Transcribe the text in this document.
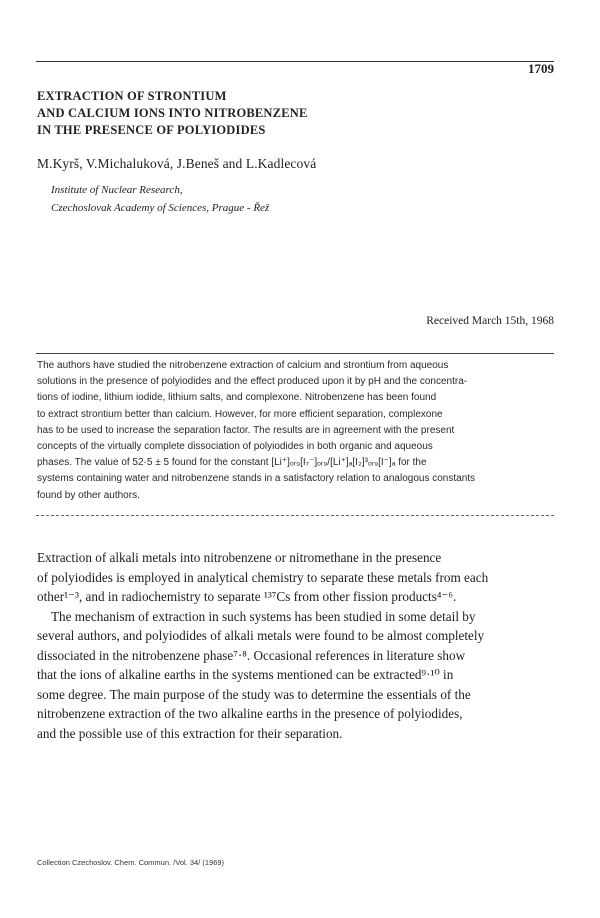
1709
EXTRACTION OF STRONTIUM
AND CALCIUM IONS INTO NITROBENZENE
IN THE PRESENCE OF POLYIODIDES
M.Kyrš, V.Michaluková, J.Beneš and L.Kadlecová
Institute of Nuclear Research,
Czechoslovak Academy of Sciences, Prague - Řež
Received March 15th, 1968
The authors have studied the nitrobenzene extraction of calcium and strontium from aqueous
solutions in the presence of polyiodides and the effect produced upon it by pH and the concentra-
tions of iodine, lithium iodide, lithium salts, and complexone. Nitrobenzene has been found
to extract strontium better than calcium. However, for more efficient separation, complexone
has to be used to increase the separation factor. The results are in agreement with the present
concepts of the virtually complete dissociation of polyiodides in both organic and aqueous
phases. The value of 52·5 ± 5 found for the constant [Li⁺]ₒᵣ₉[I₇⁻]ₒᵣ₉/[Li⁺]ₐ[I₂]³ₒᵣ₉[I⁻]ₐ for the
systems containing water and nitrobenzene stands in a satisfactory relation to analogous constants
found by other authors.
Extraction of alkali metals into nitrobenzene or nitromethane in the presence
of polyiodides is employed in analytical chemistry to separate these metals from each
other¹⁻³, and in radiochemistry to separate ¹³⁷Cs from other fission products⁴⁻⁶.
The mechanism of extraction in such systems has been studied in some detail by
several authors, and polyiodides of alkali metals were found to be almost completely
dissociated in the nitrobenzene phase⁷·⁸. Occasional references in literature show
that the ions of alkaline earths in the systems mentioned can be extracted⁹·¹⁰ in
some degree. The main purpose of the study was to determine the essentials of the
nitrobenzene extraction of the two alkaline earths in the presence of polyiodides,
and the possible use of this extraction for their separation.
Collection Czechoslov. Chem. Commun. /Vol. 34/ (1969)
